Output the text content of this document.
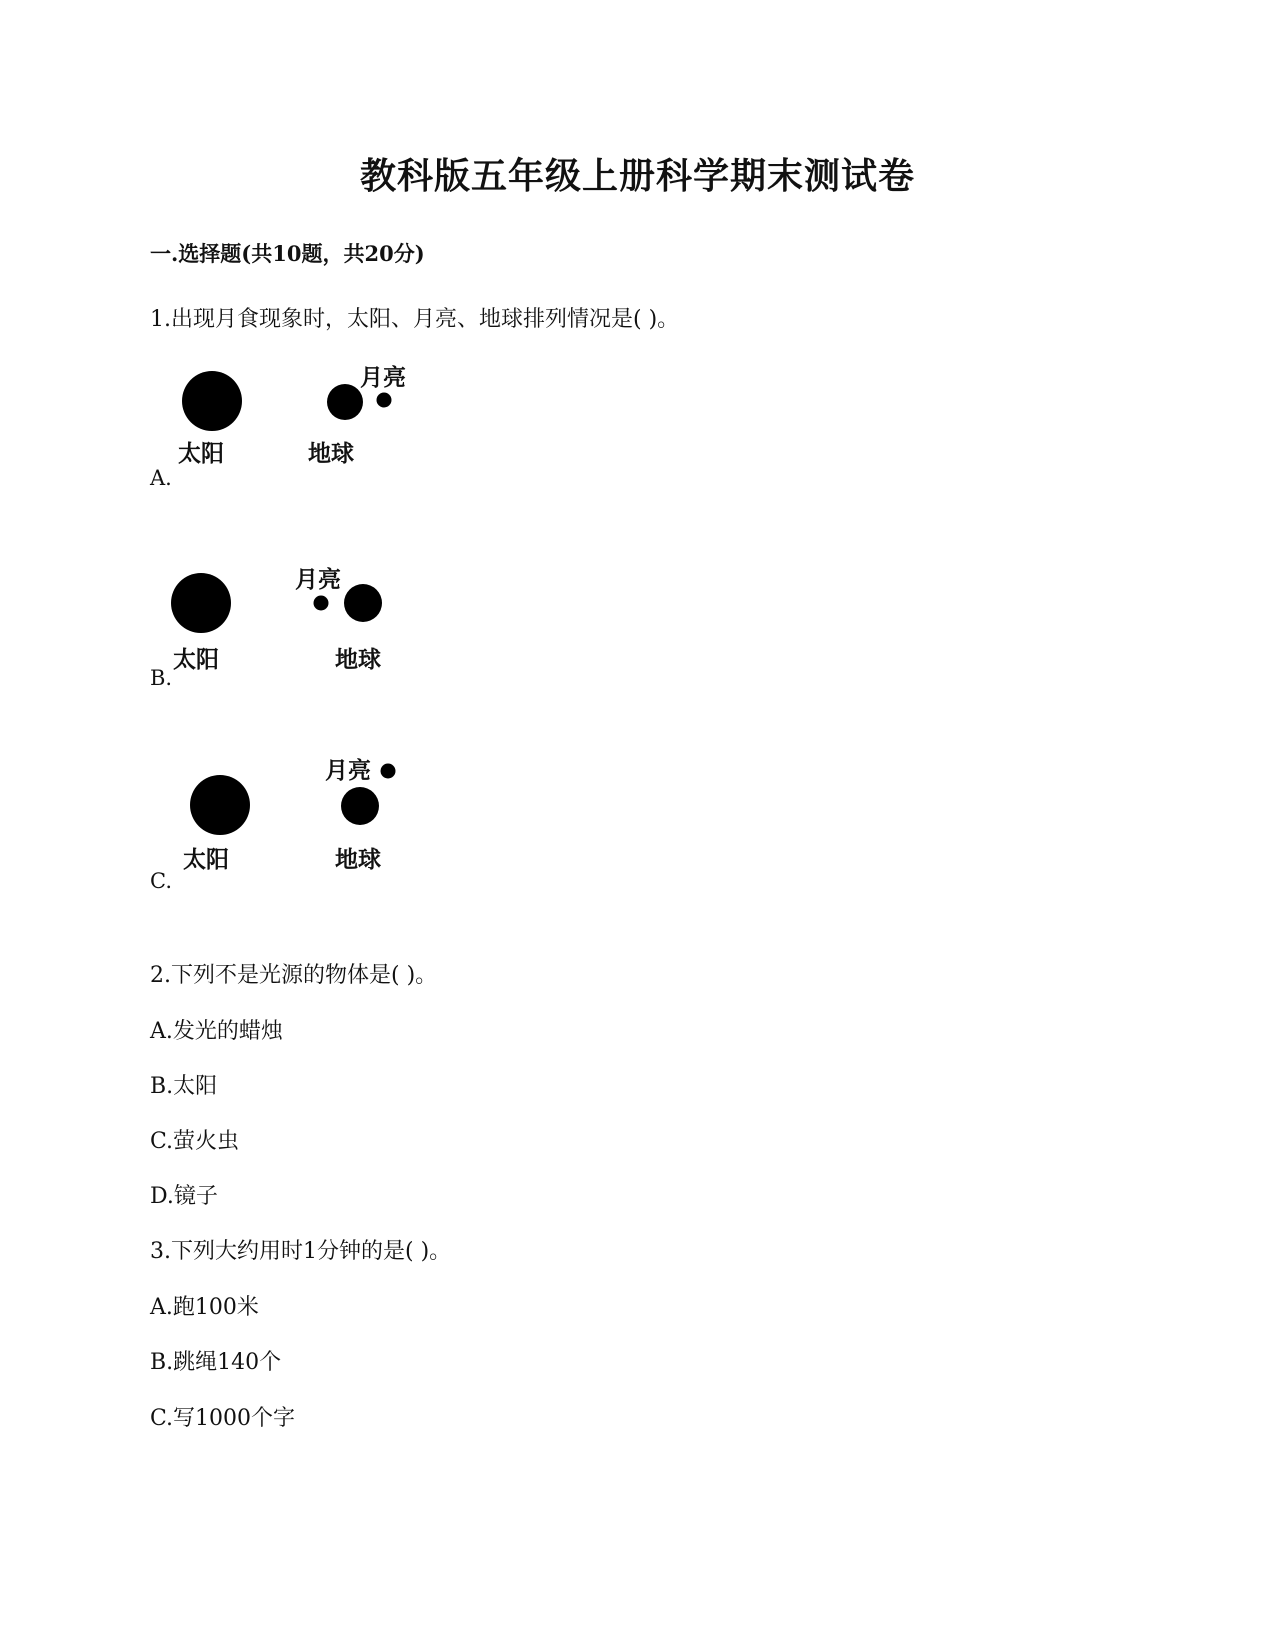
教科版五年级上册科学期末测试卷
一.选择题(共10题，共20分)
1.出现月食现象时，太阳、月亮、地球排列情况是( )。
太阳	地球
月亮
A.
太阳	地球
月亮
B.
太阳	地球
月亮
C.
2.下列不是光源的物体是( )。
A.发光的蜡烛
B.太阳
C.萤火虫
D.镜子
3.下列大约用时1分钟的是( )。
A.跑100米
B.跳绳140个
C.写1000个字
